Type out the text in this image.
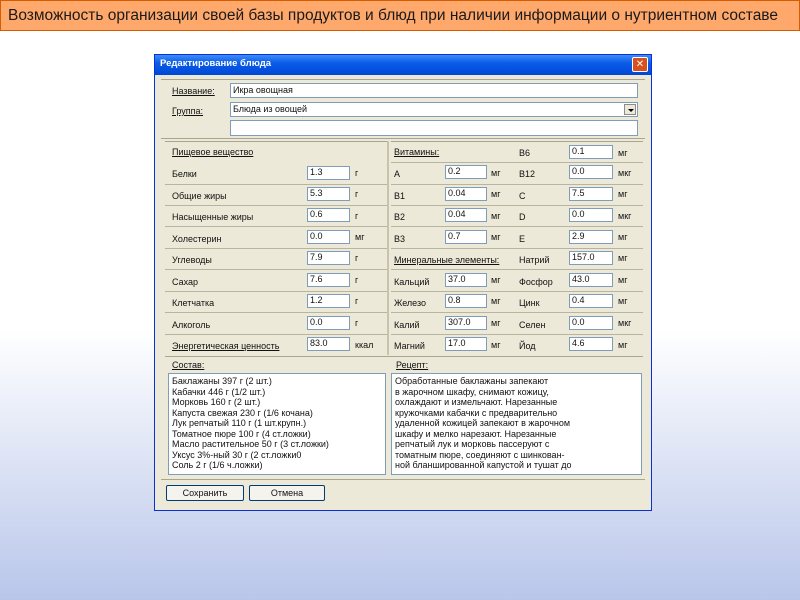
Возможность организации своей базы продуктов и блюд при наличии информации о нутриентном составе
Редактирование блюда	✕
Название:	Икра овощная
Группа:	Блюда из овощей
Пищевое вещество
Белки	1.3	г
Общие жиры	5.3	г
Насыщенные жиры	0.6	г
Холестерин	0.0	мг
Углеводы	7.9	г
Сахар	7.6	г
Клетчатка	1.2	г
Алкоголь	0.0	г
Энергетическая ценность	83.0	ккал
Витамины:	B6	0.1	мг
A	0.2	мг B12	0.0	мкг
B1	0.04	мг C	7.5	мг
B2	0.04	мг D	0.0	мкг
B3	0.7	мг E	2.9	мг
Минеральные элементы: Натрий	157.0	мг
Кальций	37.0	мг Фосфор	43.0	мг
Железо	0.8	мг Цинк	0.4	мг
Калий	307.0	мг Селен	0.0	мкг
Магний	17.0	мг Йод	4.6	мг
Состав:
Баклажаны 397 г (2 шт.)
Кабачки 446 г (1/2 шт.)
Морковь 160 г (2 шт.)
Капуста свежая 230 г (1/6 кочана)
Лук репчатый 110 г (1 шт.крупн.)
Томатное пюре 100 г (4 ст.ложки)
Масло растительное 50 г (3 ст.ложки)
Уксус 3%-ный 30 г (2 ст.ложки0
Соль 2 г (1/6 ч.ложки)
Рецепт:
Обработанные баклажаны запекают
в жарочном шкафу, снимают кожицу,
охлаждают и измельчают. Нарезанные
кружочками кабачки с предварительно
удаленной кожицей запекают в жарочном
шкафу и мелко нарезают. Нарезанные
репчатый лук и морковь пассеруют с
томатным пюре, соединяют с шинкован-
ной бланшированной капустой и тушат до
Сохранить	Отмена
